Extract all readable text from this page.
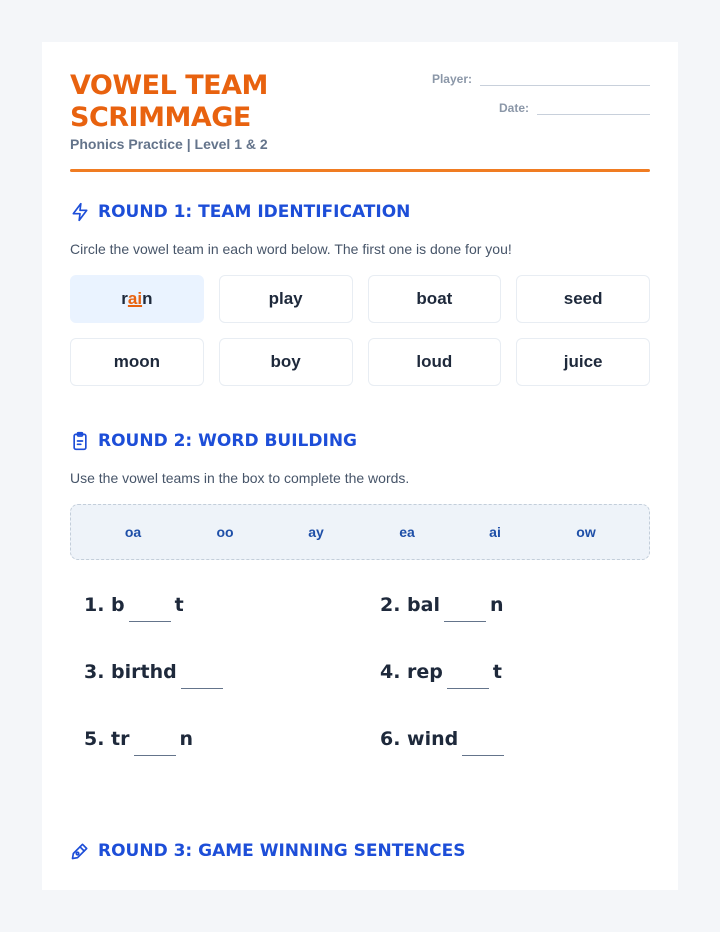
VOWEL TEAM SCRIMMAGE
Phonics Practice | Level 1 & 2
Player:
Date:
ROUND 1: TEAM IDENTIFICATION
Circle the vowel team in each word below. The first one is done for you!
r ai n	play	boat	seed
moon	boy	loud	juice
ROUND 2: WORD BUILDING
Use the vowel teams in the box to complete the words.
oa	oo	ay	ea	ai	ow
1. b	t	2. bal	n
3. birthd	4. rep	t
5. tr	n	6. wind
ROUND 3: GAME WINNING SENTENCES
